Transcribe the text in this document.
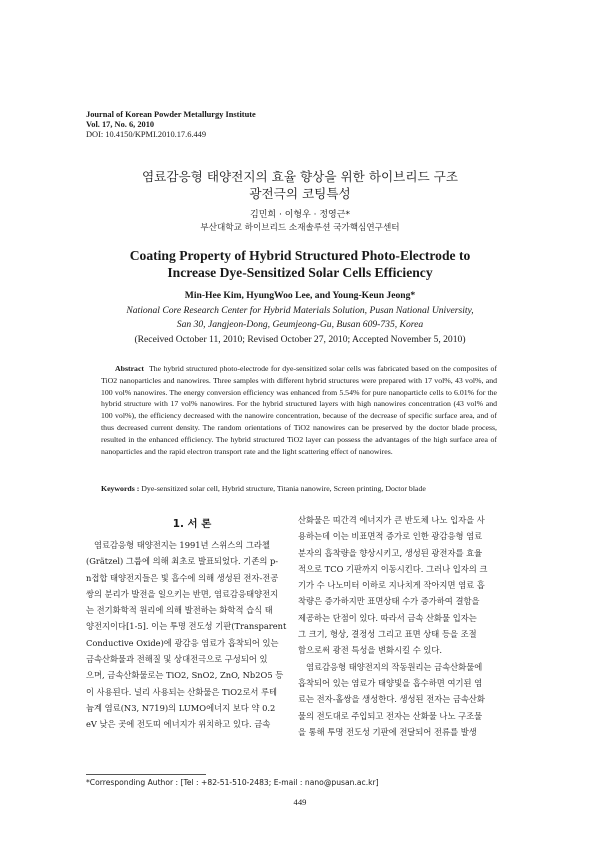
Journal of Korean Powder Metallurgy Institute
Vol. 17, No. 6, 2010
DOI: 10.4150/KPMI.2010.17.6.449
염료감응형 태양전지의 효율 향상을 위한 하이브리드 구조
광전극의 코팅특성
김민희 · 이형우 · 정영근*
부산대학교 하이브리드 소재솔루션 국가핵심연구센터
Coating Property of Hybrid Structured Photo-Electrode to
Increase Dye-Sensitized Solar Cells Efficiency
Min-Hee Kim, HyungWoo Lee, and Young-Keun Jeong*
National Core Research Center for Hybrid Materials Solution, Pusan National University,
San 30, Jangjeon-Dong, Geumjeong-Gu, Busan 609-735, Korea
(Received October 11, 2010; Revised October 27, 2010; Accepted November 5, 2010)
Abstract The hybrid structured photo-electrode for dye-sensitized solar cells was fabricated based on the composites of TiO2 nanoparticles and nanowires. Three samples with different hybrid structures were prepared with 17 vol%, 43 vol%, and 100 vol% nanowires. The energy conversion efficiency was enhanced from 5.54% for pure nanoparticle cells to 6.01% for the hybrid structure with 17 vol% nanowires. For the hybrid structured layers with high nanowires concentration (43 vol% and 100 vol%), the efficiency decreased with the nanowire concentration, because of the decrease of specific surface area, and of thus decreased current density. The random orientations of TiO2 nanowires can be preserved by the doctor blade process, resulted in the enhanced efficiency. The hybrid structured TiO2 layer can possess the advantages of the high surface area of nanoparticles and the rapid electron transport rate and the light scattering effect of nanowires.
Keywords : Dye-sensitized solar cell, Hybrid structure, Titania nanowire, Screen printing, Doctor blade
1. 서 론

염료감응형 태양전지는 1991년 스위스의 그라첼

(Grätzel) 그룹에 의해 최초로 발표되었다. 기존의 p-

n접합 태양전지들은 빛 흡수에 의해 생성된 전자-전공

쌍의 분리가 발전을 일으키는 반면, 염료감응태양전지

는 전기화학적 원리에 의해 발전하는 화학적 습식 태

양전지이다[1-5]. 이는 투명 전도성 기판(Transparent

Conductive Oxide)에 광감응 염료가 흡착되어 있는

금속산화물과 전해질 및 상대전극으로 구성되어 있

으며, 금속산화물로는 TiO2, SnO2, ZnO, Nb2O5 등

이 사용된다. 널리 사용되는 산화물은 TiO2로서 루테

늄계 염료(N3, N719)의 LUMO에너지 보다 약 0.2

eV 낮은 곳에 전도띠 에너지가 위치하고 있다. 금속

산화물은 띠간격 에너지가 큰 반도체 나노 입자을 사

용하는데 이는 비표면적 증가로 인한 광감응형 염료

분자의 흡착량을 향상시키고, 생성된 광전자를 효율

적으로 TCO 기판까지 이동시킨다. 그러나 입자의 크

기가 수 나노미터 이하로 지나치게 작아지면 염료 흡

착량은 증가하지만 표면상태 수가 증가하여 결함을

제공하는 단점이 있다. 따라서 금속 산화물 입자는

그 크기, 형상, 결정성 그리고 표면 상태 등을 조절

함으로써 광전 특성을 변화시킬 수 있다.

염료감응형 태양전지의 작동원리는 금속산화물에

흡착되어 있는 염료가 태양빛을 흡수하면 여기된 염

료는 전자-홀쌍을 생성한다. 생성된 전자는 금속산화

물의 전도대로 주입되고 전자는 산화물 나노 구조물

을 통해 투명 전도성 기판에 전달되어 전류를 발생

*Corresponding Author : [Tel : +82-51-510-2483; E-mail : nano@pusan.ac.kr]
449
